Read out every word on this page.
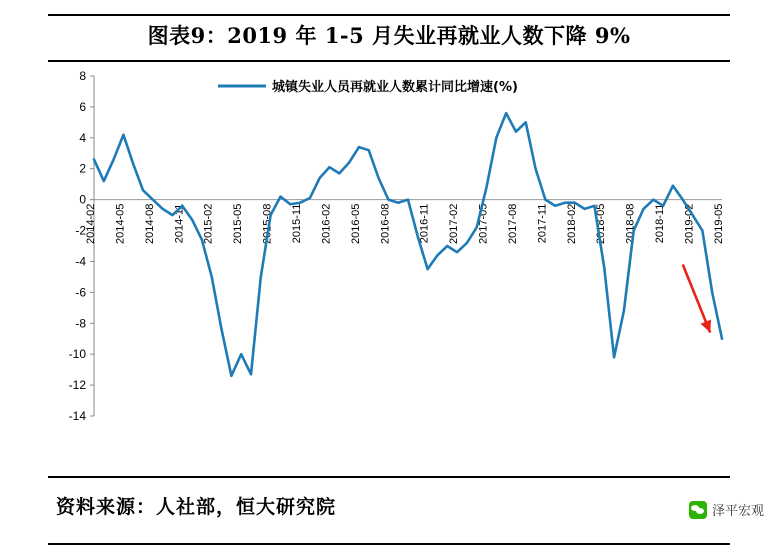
图表9：2019 年 1-5 月失业再就业人数下降 9%
8
6
4
2
0
-2
-4
-6
-8
-10
-12
-14
2014-02 2014-05 2014-08 2014-11 2015-02 2015-05 2015-08 2015-11 2016-02 2016-05 2016-08 2016-11 2017-02 2017-05 2017-08 2017-11 2018-02 2018-05 2018-08 2018-11 2019-02 2019-05
城镇失业人员再就业人数累计同比增速(%)
资料来源：人社部，恒大研究院	泽平宏观
